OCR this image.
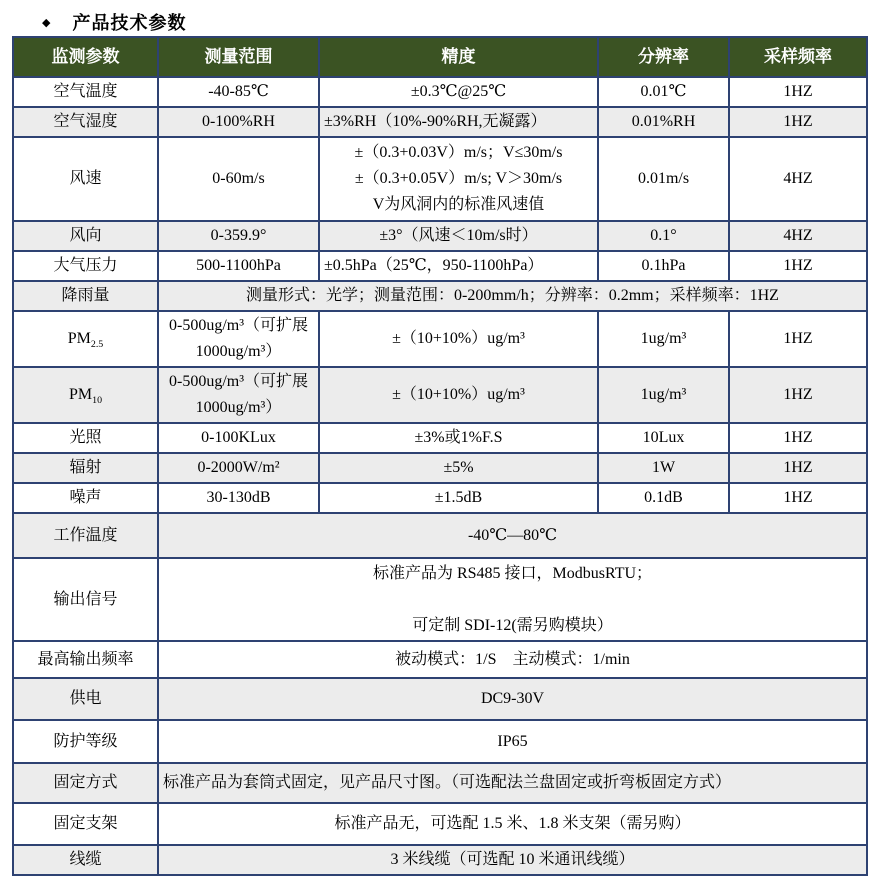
◆ 产品技术参数
监测参数	测量范围	精度	分辨率	采样频率
空气温度	-40-85℃	±0.3℃@25℃	0.01℃	1HZ
空气湿度	0-100%RH	±3%RH（10%-90%RH,无凝露）	0.01%RH	1HZ
风速	0-60m/s	±（0.3+0.03V）m/s；V≤30m/s
±（0.3+0.05V）m/s; V＞30m/s
V为风洞内的标准风速值	0.01m/s	4HZ
风向	0-359.9°	±3°（风速＜10m/s时）	0.1°	4HZ
大气压力	500-1100hPa	±0.5hPa（25℃，950-1100hPa）	0.1hPa	1HZ
降雨量	测量形式：光学；测量范围：0-200mm/h；分辨率：0.2mm；采样频率：1HZ			
$PM_{2.5}$	0-500ug/m³（可扩展
1000ug/m³）	±（10+10%）ug/m³	1ug/m³	1HZ
$PM_{10}$	0-500ug/m³（可扩展
1000ug/m³）	±（10+10%）ug/m³	1ug/m³	1HZ
光照	0-100KLux	±3%或1%F.S	10Lux	1HZ
辐射	0-2000W/m²	±5%	1W	1HZ
噪声	30-130dB	±1.5dB	0.1dB	1HZ
工作温度	-40℃—80℃			
输出信号	标准产品为 RS485 接口，ModbusRTU；
可定制 SDI-12(需另购模块）			

最高输出频率	被动模式：1/S　主动模式：1/min			
供电	DC9-30V			
防护等级	IP65			
固定方式	标准产品为套筒式固定，见产品尺寸图。（可选配法兰盘固定或折弯板固定方式）			
固定支架	标准产品无，可选配 1.5 米、1.8 米支架（需另购）			
线缆	3 米线缆（可选配 10 米通讯线缆）			
